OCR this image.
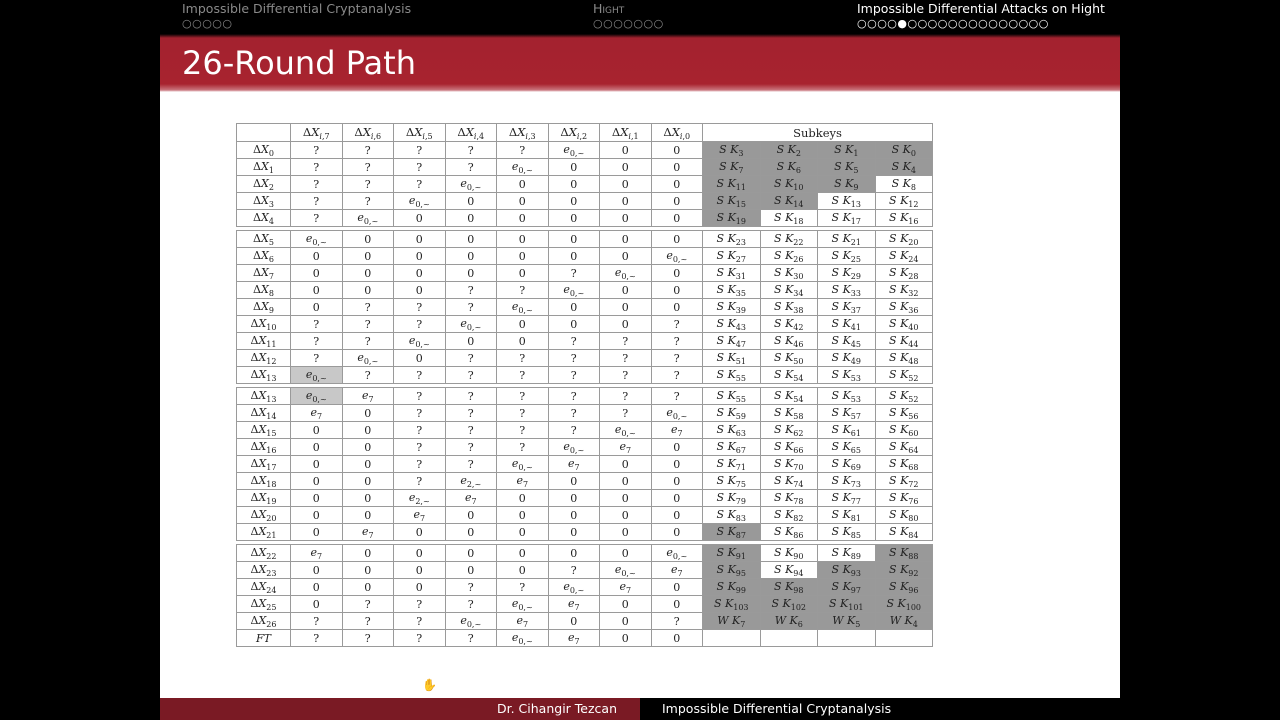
Impossible Differential Cryptanalysis
○○○○○
Hight
○○○○○○○
Impossible Differential Attacks on Hight
○○○○●○○○○○○○○○○○○○○
26-Round Path
	$\Delta X_{i,7}$	$\Delta X_{i,6}$	$\Delta X_{i,5}$	$\Delta X_{i,4}$	$\Delta X_{i,3}$	$\Delta X_{i,2}$	$\Delta X_{i,1}$	$\Delta X_{i,0}$	Subkeys			
$\Delta X_0$	?	?	?	?	?	$e_{0,\sim}$	0	0	S $K_3$	S $K_2$	S $K_1$	S $K_0$
$\Delta X_1$	?	?	?	?	$e_{0,\sim}$	0	0	0	S $K_7$	S $K_6$	S $K_5$	S $K_4$
$\Delta X_2$	?	?	?	$e_{0,\sim}$	0	0	0	0	S $K_{11}$	S $K_{10}$	S $K_9$	S $K_8$
$\Delta X_3$	?	?	$e_{0,\sim}$	0	0	0	0	0	S $K_{15}$	S $K_{14}$	S $K_{13}$	S $K_{12}$
$\Delta X_4$	?	$e_{0,\sim}$	0	0	0	0	0	0	S $K_{19}$	S $K_{18}$	S $K_{17}$	S $K_{16}$

$\Delta X_5$	$e_{0,\sim}$	0	0	0	0	0	0	0	S $K_{23}$	S $K_{22}$	S $K_{21}$	S $K_{20}$
$\Delta X_6$	0	0	0	0	0	0	0	$e_{0,\sim}$	S $K_{27}$	S $K_{26}$	S $K_{25}$	S $K_{24}$
$\Delta X_7$	0	0	0	0	0	?	$e_{0,\sim}$	0	S $K_{31}$	S $K_{30}$	S $K_{29}$	S $K_{28}$
$\Delta X_8$	0	0	0	?	?	$e_{0,\sim}$	0	0	S $K_{35}$	S $K_{34}$	S $K_{33}$	S $K_{32}$
$\Delta X_9$	0	?	?	?	$e_{0,\sim}$	0	0	0	S $K_{39}$	S $K_{38}$	S $K_{37}$	S $K_{36}$
$\Delta X_{10}$	?	?	?	$e_{0,\sim}$	0	0	0	?	S $K_{43}$	S $K_{42}$	S $K_{41}$	S $K_{40}$
$\Delta X_{11}$	?	?	$e_{0,\sim}$	0	0	?	?	?	S $K_{47}$	S $K_{46}$	S $K_{45}$	S $K_{44}$
$\Delta X_{12}$	?	$e_{0,\sim}$	0	?	?	?	?	?	S $K_{51}$	S $K_{50}$	S $K_{49}$	S $K_{48}$
$\Delta X_{13}$	$e_{0,\sim}$	?	?	?	?	?	?	?	S $K_{55}$	S $K_{54}$	S $K_{53}$	S $K_{52}$

$\Delta X_{13}$	$e_{0,\sim}$	$e_7$	?	?	?	?	?	?	S $K_{55}$	S $K_{54}$	S $K_{53}$	S $K_{52}$
$\Delta X_{14}$	$e_7$	0	?	?	?	?	?	$e_{0,\sim}$	S $K_{59}$	S $K_{58}$	S $K_{57}$	S $K_{56}$
$\Delta X_{15}$	0	0	?	?	?	?	$e_{0,\sim}$	$e_7$	S $K_{63}$	S $K_{62}$	S $K_{61}$	S $K_{60}$
$\Delta X_{16}$	0	0	?	?	?	$e_{0,\sim}$	$e_7$	0	S $K_{67}$	S $K_{66}$	S $K_{65}$	S $K_{64}$
$\Delta X_{17}$	0	0	?	?	$e_{0,\sim}$	$e_7$	0	0	S $K_{71}$	S $K_{70}$	S $K_{69}$	S $K_{68}$
$\Delta X_{18}$	0	0	?	$e_{2,\sim}$	$e_7$	0	0	0	S $K_{75}$	S $K_{74}$	S $K_{73}$	S $K_{72}$
$\Delta X_{19}$	0	0	$e_{2,\sim}$	$e_7$	0	0	0	0	S $K_{79}$	S $K_{78}$	S $K_{77}$	S $K_{76}$
$\Delta X_{20}$	0	0	$e_7$	0	0	0	0	0	S $K_{83}$	S $K_{82}$	S $K_{81}$	S $K_{80}$
$\Delta X_{21}$	0	$e_7$	0	0	0	0	0	0	S $K_{87}$	S $K_{86}$	S $K_{85}$	S $K_{84}$

$\Delta X_{22}$	$e_7$	0	0	0	0	0	0	$e_{0,\sim}$	S $K_{91}$	S $K_{90}$	S $K_{89}$	S $K_{88}$
$\Delta X_{23}$	0	0	0	0	0	?	$e_{0,\sim}$	$e_7$	S $K_{95}$	S $K_{94}$	S $K_{93}$	S $K_{92}$
$\Delta X_{24}$	0	0	0	?	?	$e_{0,\sim}$	$e_7$	0	S $K_{99}$	S $K_{98}$	S $K_{97}$	S $K_{96}$
$\Delta X_{25}$	0	?	?	?	$e_{0,\sim}$	$e_7$	0	0	S $K_{103}$	S $K_{102}$	S $K_{101}$	S $K_{100}$
$\Delta X_{26}$	?	?	?	$e_{0,\sim}$	$e_7$	0	0	?	W $K_7$	W $K_6$	W $K_5$	W $K_4$
FT	?	?	?	?	$e_{0,\sim}$	$e_7$	0	0				
✋
Dr. Cihangir Tezcan	Impossible Differential Cryptanalysis
